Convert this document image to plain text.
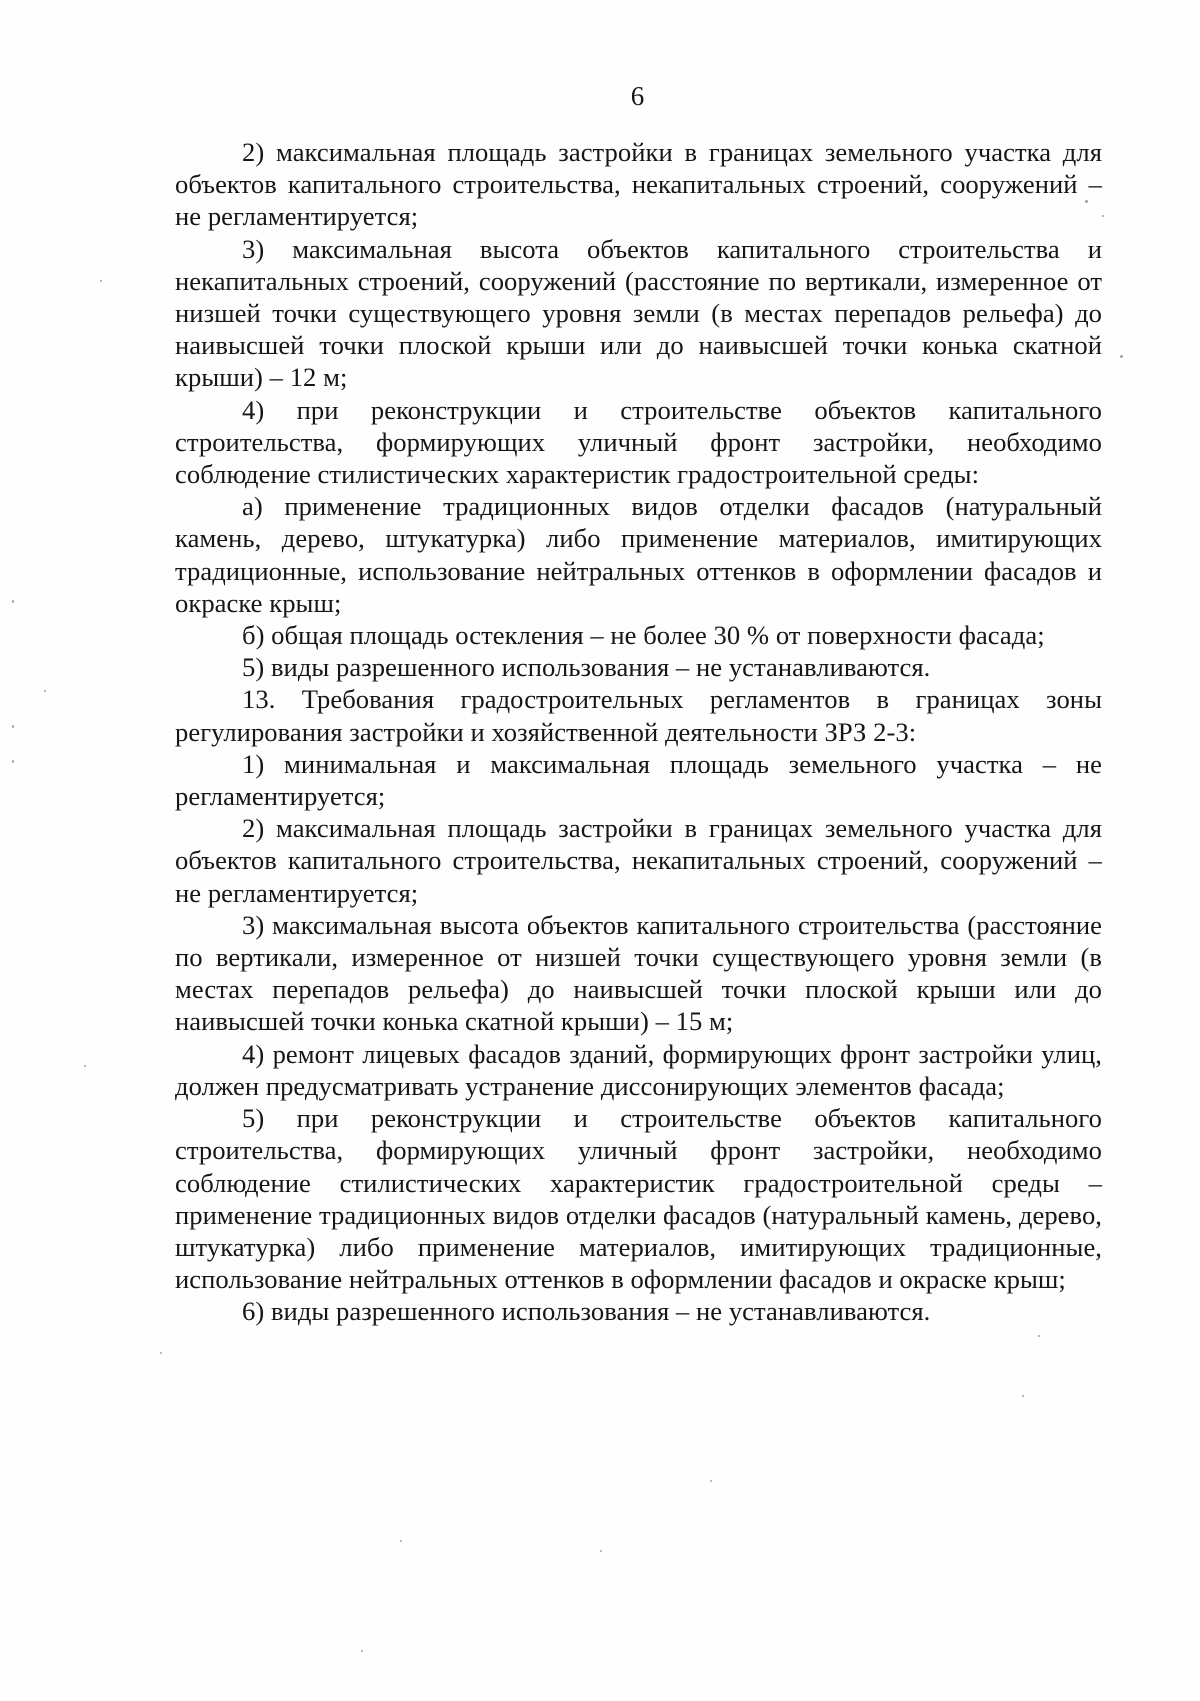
6

2) максимальная площадь застройки в границах земельного участка для объектов капитального строительства, некапитальных строений, сооружений – не регламентируется;

3) максимальная высота объектов капитального строительства и некапитальных строений, сооружений (расстояние по вертикали, измеренное от низшей точки существующего уровня земли (в местах перепадов рельефа) до наивысшей точки плоской крыши или до наивысшей точки конька скатной крыши) – 12 м;

4) при реконструкции и строительстве объектов капитального строительства, формирующих уличный фронт застройки, необходимо соблюдение стилистических характеристик градостроительной среды:

а) применение традиционных видов отделки фасадов (натуральный камень, дерево, штукатурка) либо применение материалов, имитирующих традиционные, использование нейтральных оттенков в оформлении фасадов и окраске крыш;

б) общая площадь остекления – не более 30 % от поверхности фасада;

5) виды разрешенного использования – не устанавливаются.

13. Требования градостроительных регламентов в границах зоны регулирования застройки и хозяйственной деятельности ЗРЗ 2-3:

1) минимальная и максимальная площадь земельного участка – не регламентируется;

2) максимальная площадь застройки в границах земельного участка для объектов капитального строительства, некапитальных строений, сооружений – не регламентируется;

3) максимальная высота объектов капитального строительства (расстояние по вертикали, измеренное от низшей точки существующего уровня земли (в местах перепадов рельефа) до наивысшей точки плоской крыши или до наивысшей точки конька скатной крыши) – 15 м;

4) ремонт лицевых фасадов зданий, формирующих фронт застройки улиц, должен предусматривать устранение диссонирующих элементов фасада;

5) при реконструкции и строительстве объектов капитального строительства, формирующих уличный фронт застройки, необходимо соблюдение стилистических характеристик градостроительной среды – применение традиционных видов отделки фасадов (натуральный камень, дерево, штукатурка) либо применение материалов, имитирующих традиционные, использование нейтральных оттенков в оформлении фасадов и окраске крыш;

6) виды разрешенного использования – не устанавливаются.
